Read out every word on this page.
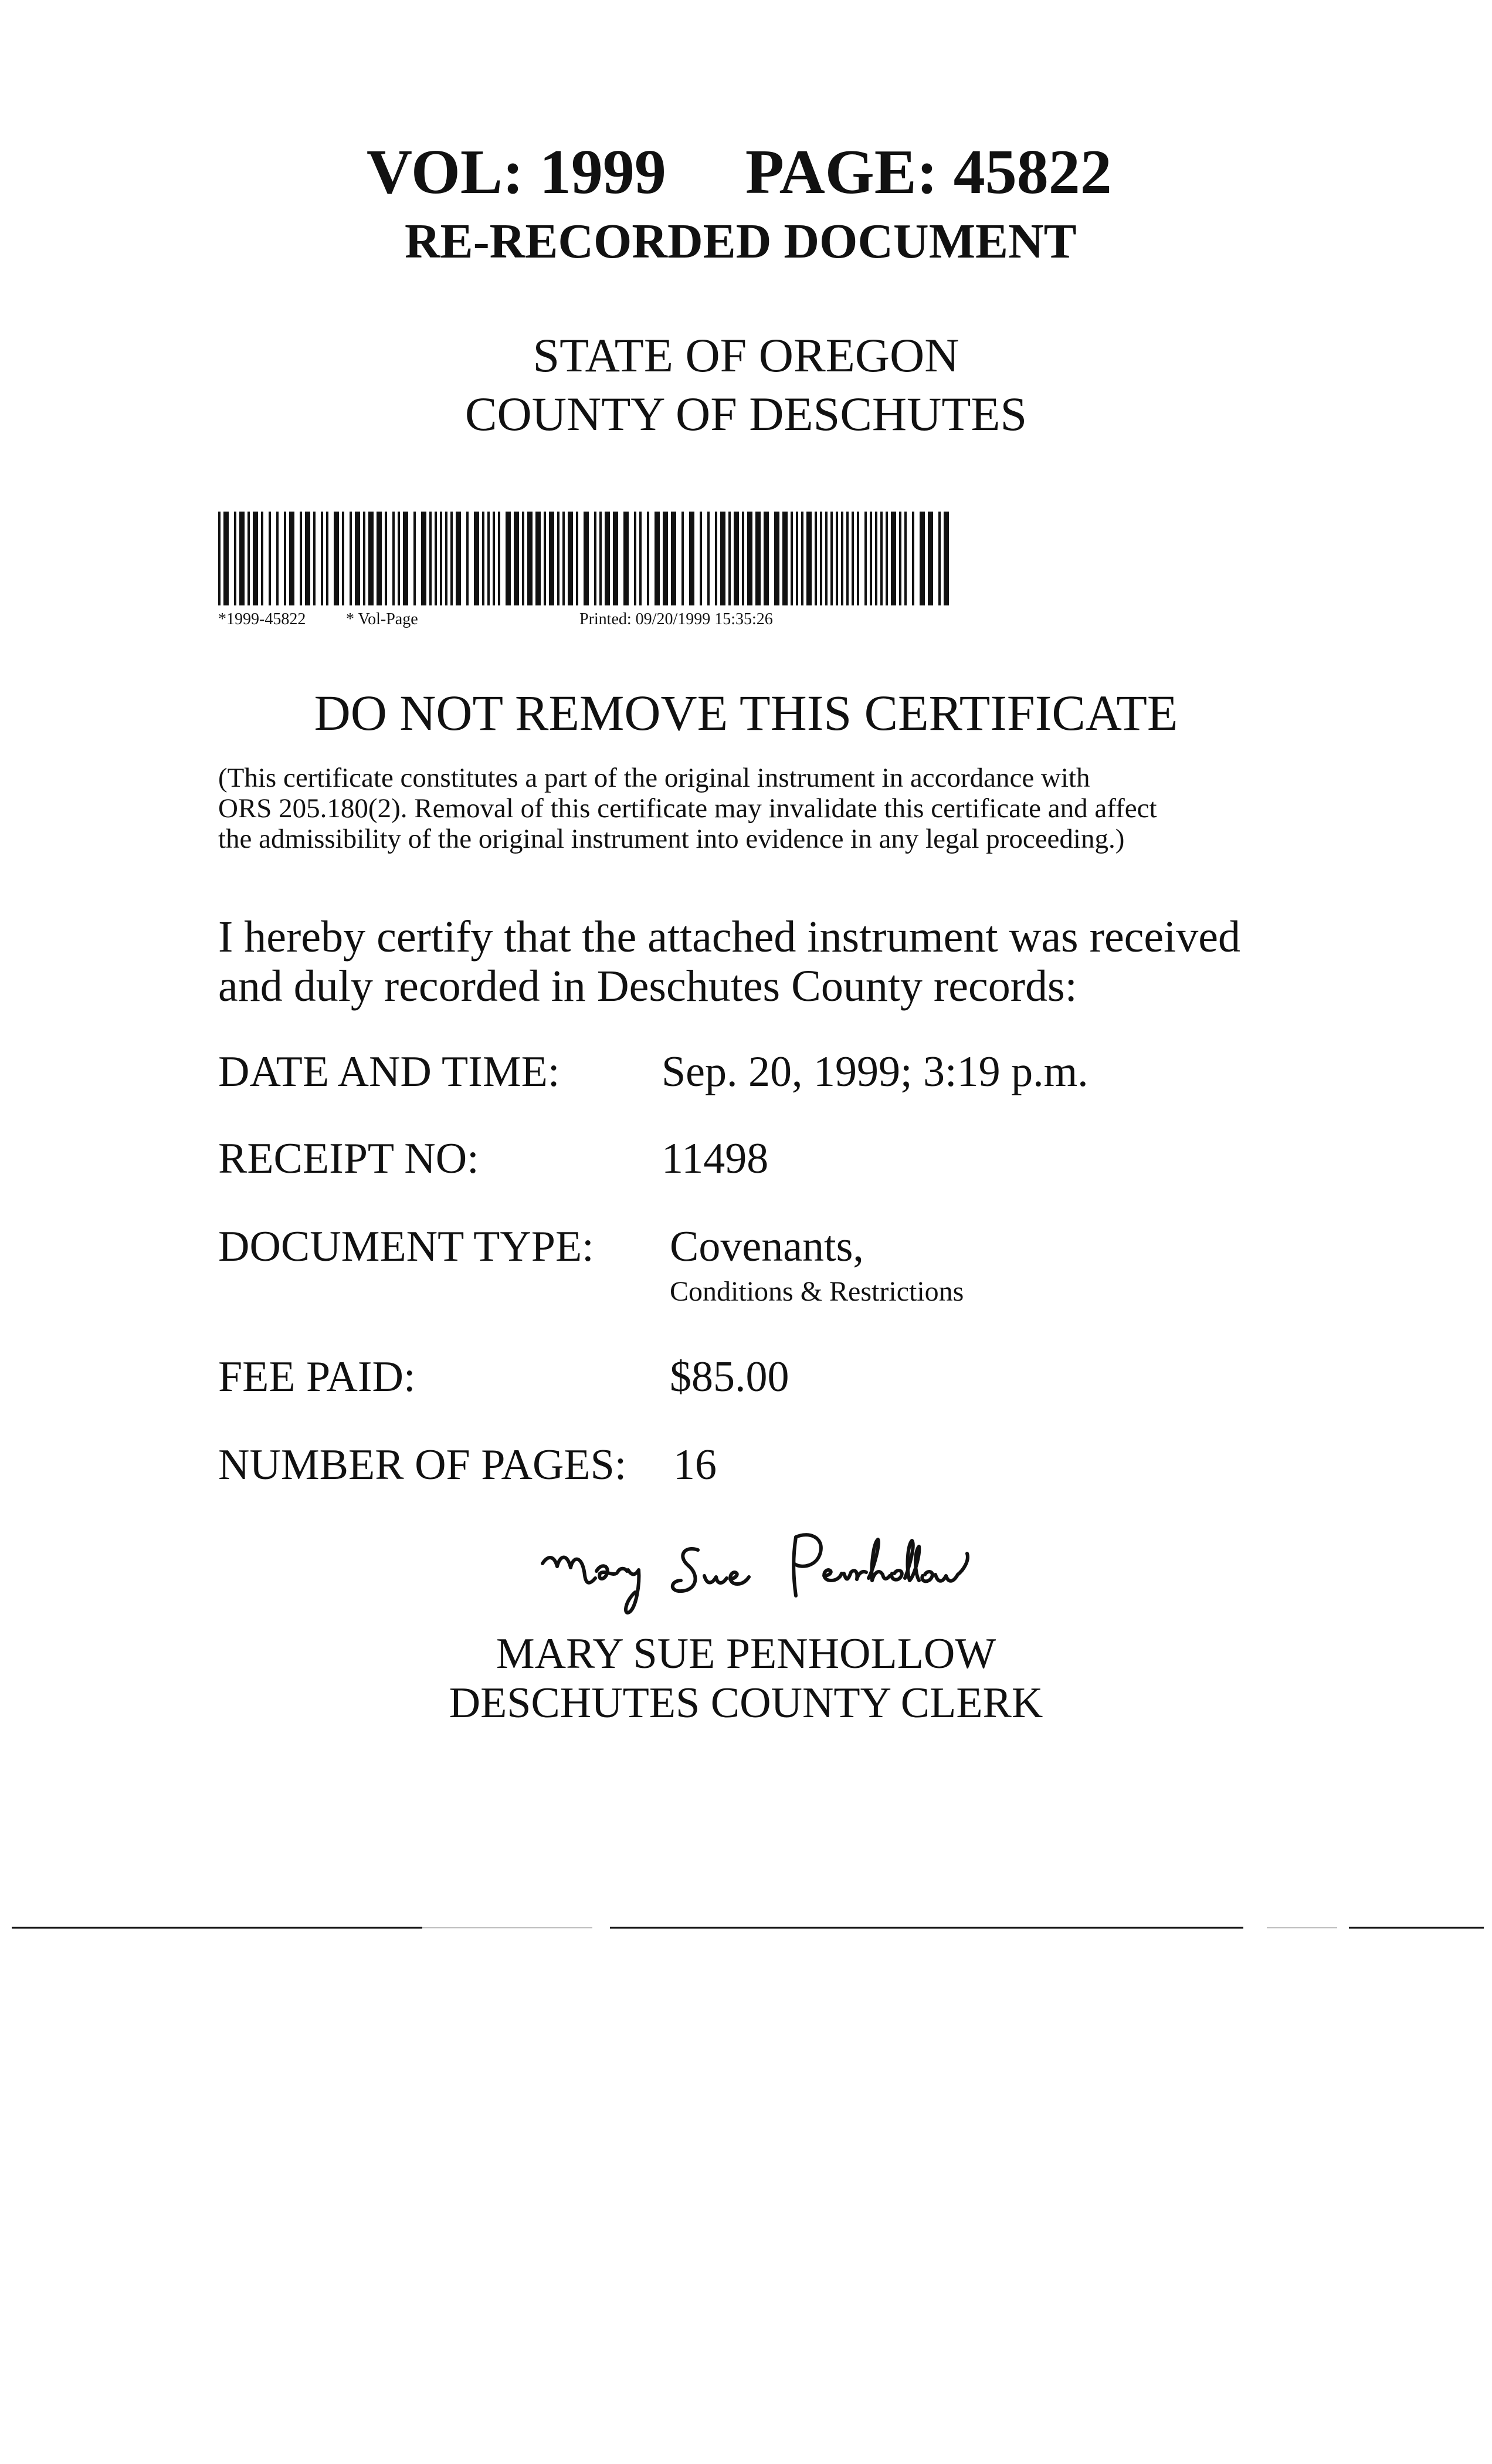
VOL: 1999 PAGE: 45822
RE-RECORDED DOCUMENT
STATE OF OREGON
COUNTY OF DESCHUTES
*1999-45822 * Vol-Page	Printed: 09/20/1999 15:35:26
DO NOT REMOVE THIS CERTIFICATE
(This certificate constitutes a part of the original instrument in accordance with
ORS 205.180(2). Removal of this certificate may invalidate this certificate and affect
the admissibility of the original instrument into evidence in any legal proceeding.)
I hereby certify that the attached instrument was received
and duly recorded in Deschutes County records:
DATE AND TIME: Sep. 20, 1999; 3:19 p.m.
RECEIPT NO:	11498
DOCUMENT TYPE: Covenants,
Conditions & Restrictions
FEE PAID:	$85.00
NUMBER OF PAGES: 16
MARY SUE PENHOLLOW
DESCHUTES COUNTY CLERK
